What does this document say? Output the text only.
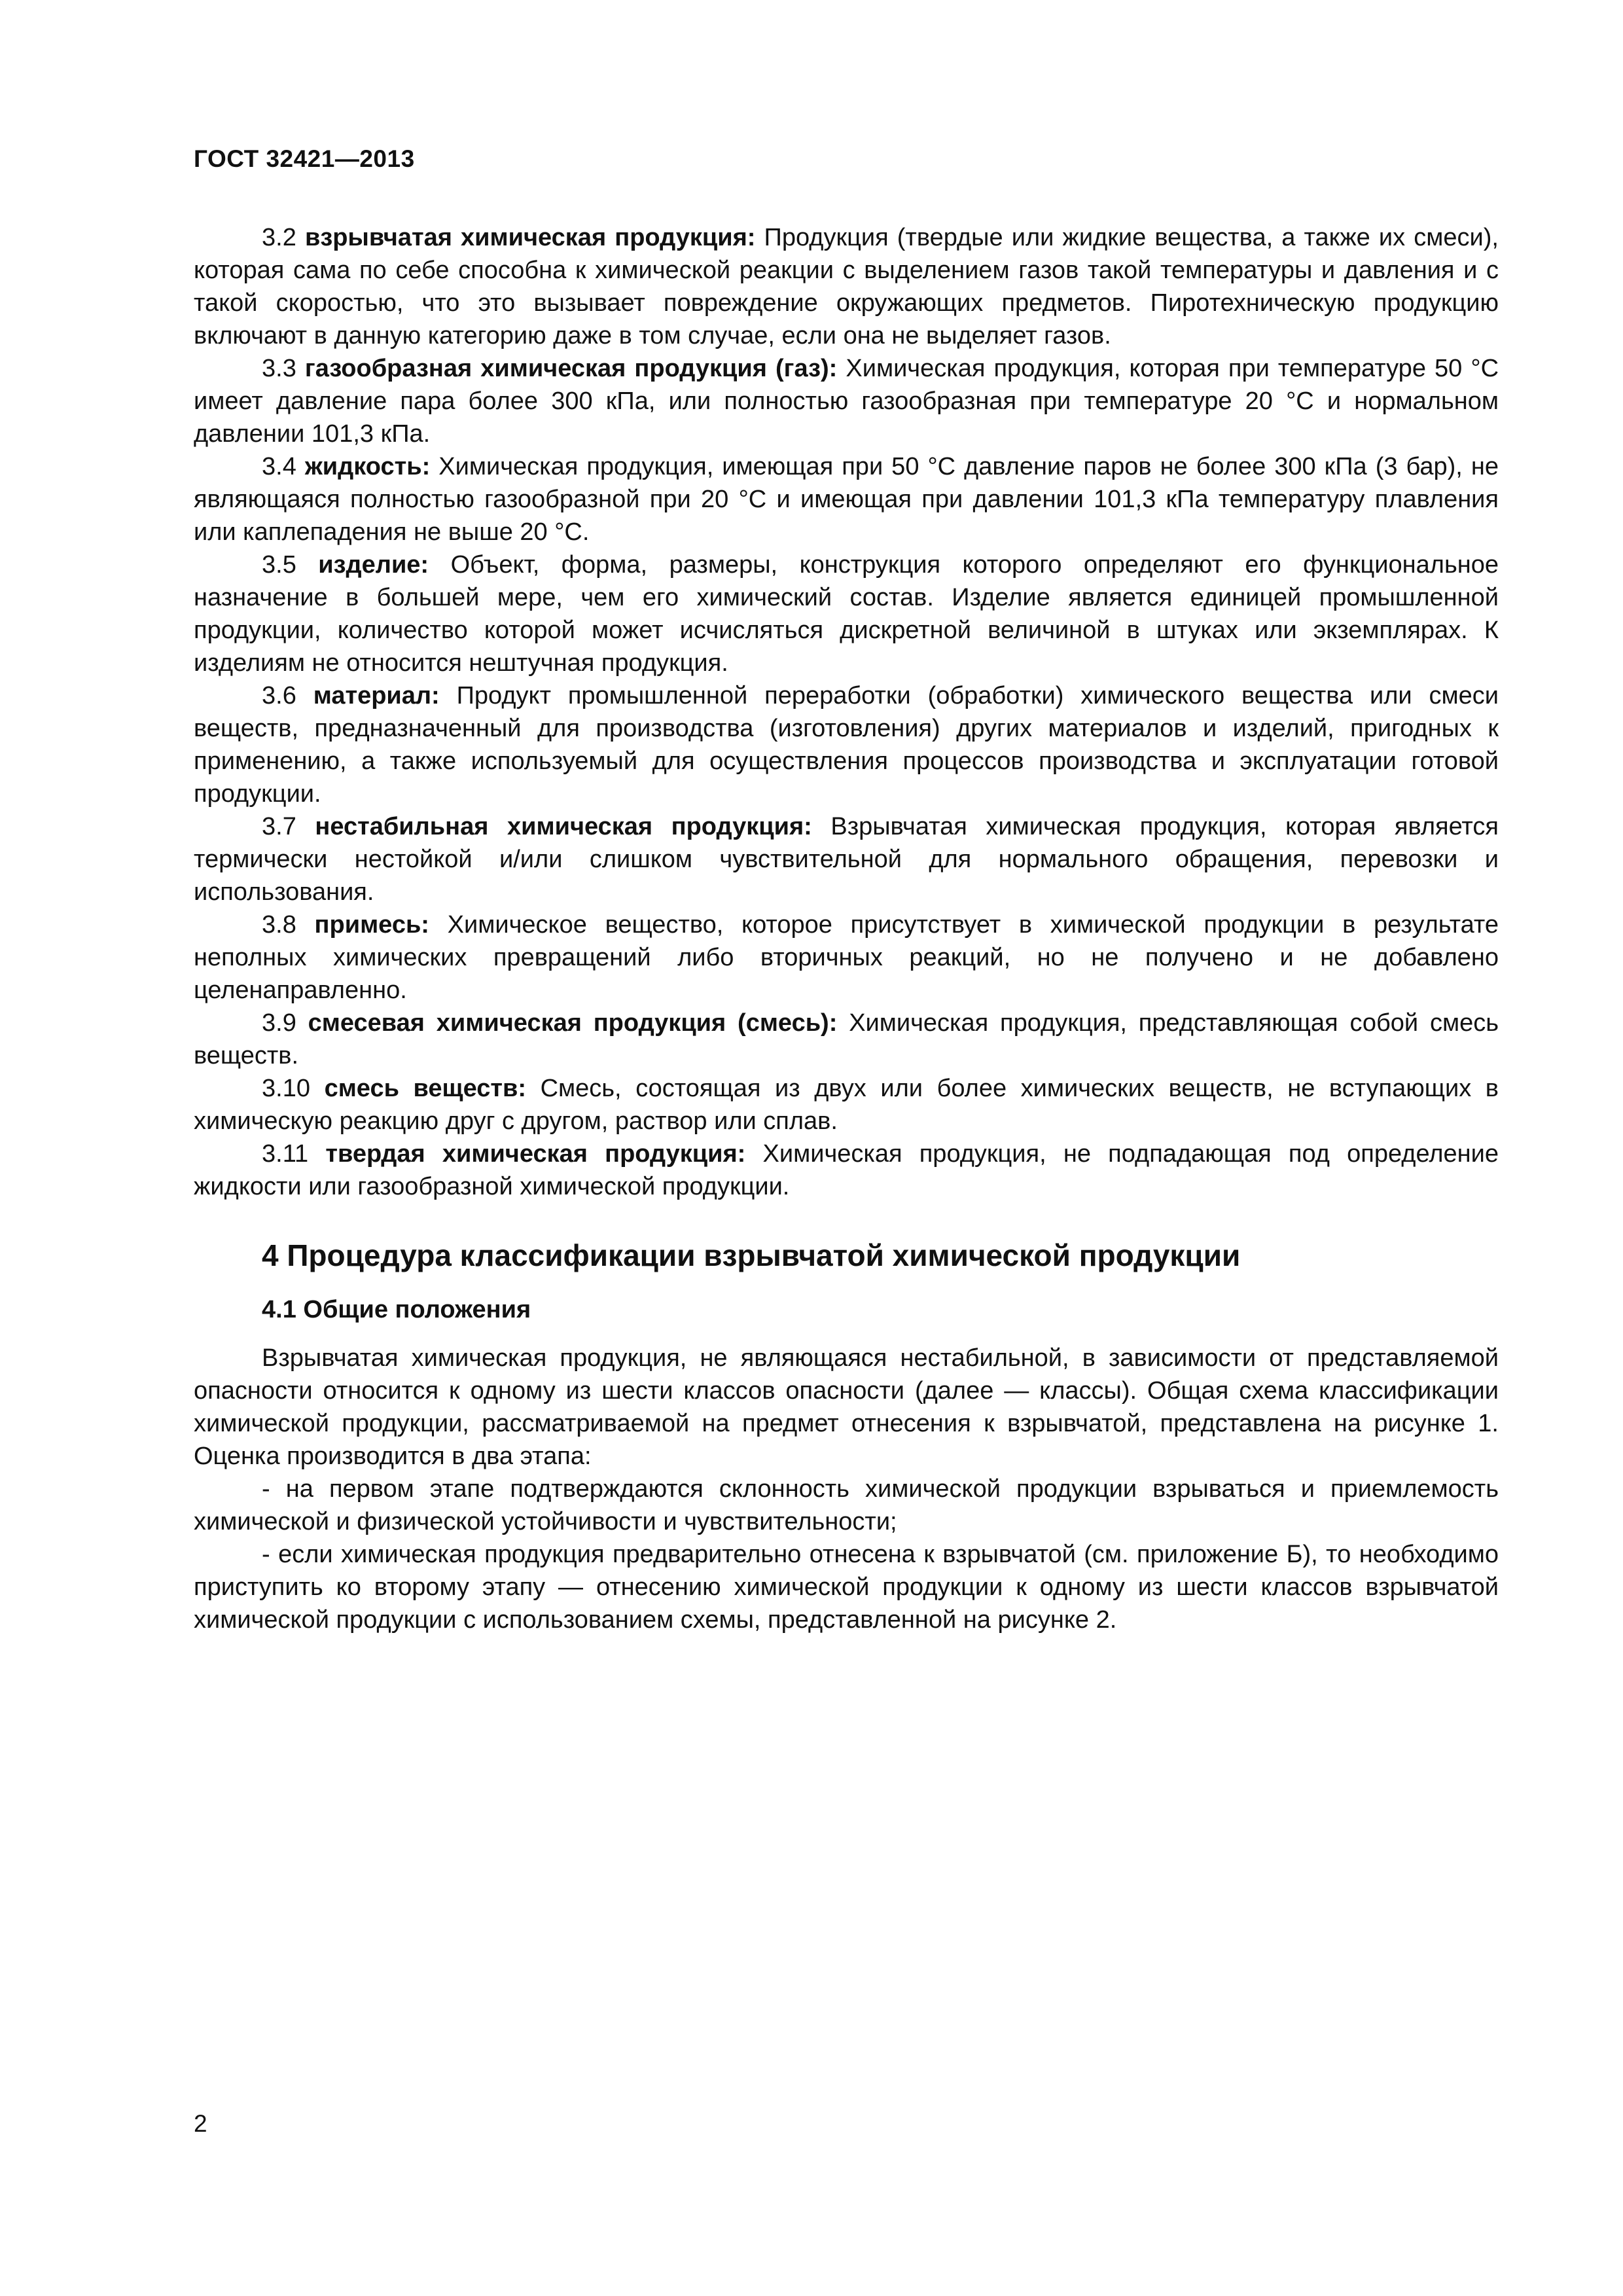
ГОСТ 32421—2013

3.2 взрывчатая химическая продукция: Продукция (твердые или жидкие вещества, а также их смеси), которая сама по себе способна к химической реакции с выделением газов такой температуры и давления и с такой скоростью, что это вызывает повреждение окружающих предметов. Пиротехническую продукцию включают в данную категорию даже в том случае, если она не выделяет газов.

3.3 газообразная химическая продукция (газ): Химическая продукция, которая при температуре 50 °С имеет давление пара более 300 кПа, или полностью газообразная при температуре 20 °С и нормальном давлении 101,3 кПа.

3.4 жидкость: Химическая продукция, имеющая при 50 °С давление паров не более 300 кПа (3 бар), не являющаяся полностью газообразной при 20 °С и имеющая при давлении 101,3 кПа температуру плавления или каплепадения не выше 20 °С.

3.5 изделие: Объект, форма, размеры, конструкция которого определяют его функциональное назначение в большей мере, чем его химический состав. Изделие является единицей промышленной продукции, количество которой может исчисляться дискретной величиной в штуках или экземплярах. К изделиям не относится нештучная продукция.

3.6 материал: Продукт промышленной переработки (обработки) химического вещества или смеси веществ, предназначенный для производства (изготовления) других материалов и изделий, пригодных к применению, а также используемый для осуществления процессов производства и эксплуатации готовой продукции.

3.7 нестабильная химическая продукция: Взрывчатая химическая продукция, которая является термически нестойкой и/или слишком чувствительной для нормального обращения, перевозки и использования.

3.8 примесь: Химическое вещество, которое присутствует в химической продукции в результате неполных химических превращений либо вторичных реакций, но не получено и не добавлено целенаправленно.

3.9 смесевая химическая продукция (смесь): Химическая продукция, представляющая собой смесь веществ.

3.10 смесь веществ: Смесь, состоящая из двух или более химических веществ, не вступающих в химическую реакцию друг с другом, раствор или сплав.

3.11 твердая химическая продукция: Химическая продукция, не подпадающая под определение жидкости или газообразной химической продукции.

4 Процедура классификации взрывчатой химической продукции
4.1 Общие положения

Взрывчатая химическая продукция, не являющаяся нестабильной, в зависимости от представляемой опасности относится к одному из шести классов опасности (далее — классы). Общая схема классификации химической продукции, рассматриваемой на предмет отнесения к взрывчатой, представлена на рисунке 1. Оценка производится в два этапа:

- на первом этапе подтверждаются склонность химической продукции взрываться и приемлемость химической и физической устойчивости и чувствительности;

- если химическая продукция предварительно отнесена к взрывчатой (см. приложение Б), то необходимо приступить ко второму этапу — отнесению химической продукции к одному из шести классов взрывчатой химической продукции с использованием схемы, представленной на рисунке 2.

2
